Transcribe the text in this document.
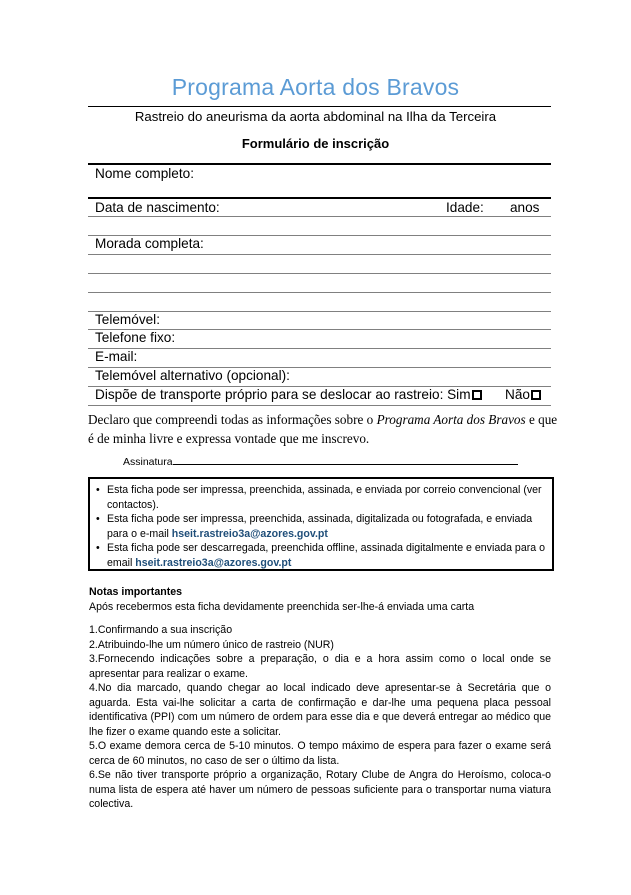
Programa Aorta dos Bravos
Rastreio do aneurisma da aorta abdominal na Ilha da Terceira
Formulário de inscrição
Nome completo:
Data de nascimento:	Idade: anos
Morada completa:
Telemóvel:
Telefone fixo:
E-mail:
Telemóvel alternativo (opcional):
Dispõe de transporte próprio para se deslocar ao rastreio: Sim	Não
Declaro que compreendi todas as informações sobre o Programa Aorta dos Bravos e que é de minha livre e expressa vontade que me inscrevo.
Assinatura
• Esta ficha pode ser impressa, preenchida, assinada, e enviada por correio convencional (ver contactos).
• Esta ficha pode ser impressa, preenchida, assinada, digitalizada ou fotografada, e enviada para o e-mail hseit.rastreio3a@azores.gov.pt
• Esta ficha pode ser descarregada, preenchida offline, assinada digitalmente e enviada para o email hseit.rastreio3a@azores.gov.pt
Notas importantes
Após recebermos esta ficha devidamente preenchida ser-lhe-á enviada uma carta
1.Confirmando a sua inscrição
2.Atribuindo-lhe um número único de rastreio (NUR)
3.Fornecendo indicações sobre a preparação, o dia e a hora assim como o local onde se apresentar para realizar o exame.
4.No dia marcado, quando chegar ao local indicado deve apresentar-se à Secretária que o aguarda. Esta vai-lhe solicitar a carta de confirmação e dar-lhe uma pequena placa pessoal identificativa (PPI) com um número de ordem para esse dia e que deverá entregar ao médico que lhe fizer o exame quando este a solicitar.
5.O exame demora cerca de 5-10 minutos. O tempo máximo de espera para fazer o exame será cerca de 60 minutos, no caso de ser o último da lista.
6.Se não tiver transporte próprio a organização, Rotary Clube de Angra do Heroísmo, coloca-o numa lista de espera até haver um número de pessoas suficiente para o transportar numa viatura colectiva.
